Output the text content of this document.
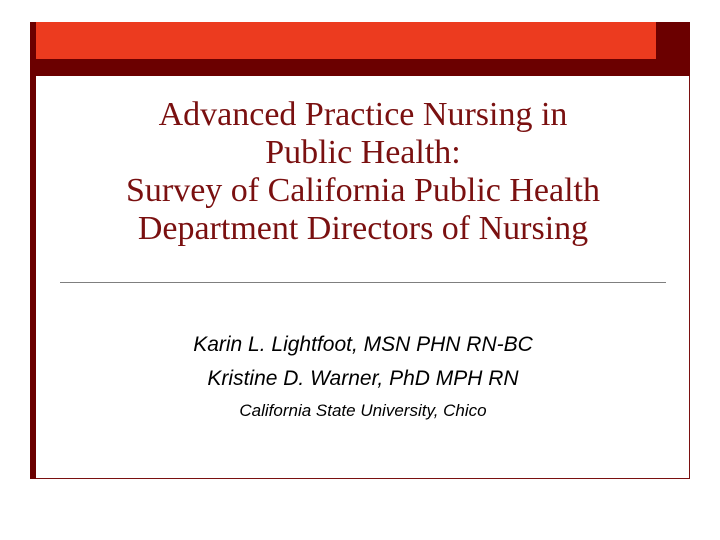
Advanced Practice Nursing in
Public Health:
Survey of California Public Health
Department Directors of Nursing
Karin L. Lightfoot, MSN PHN RN-BC
Kristine D. Warner, PhD MPH RN
California State University, Chico
